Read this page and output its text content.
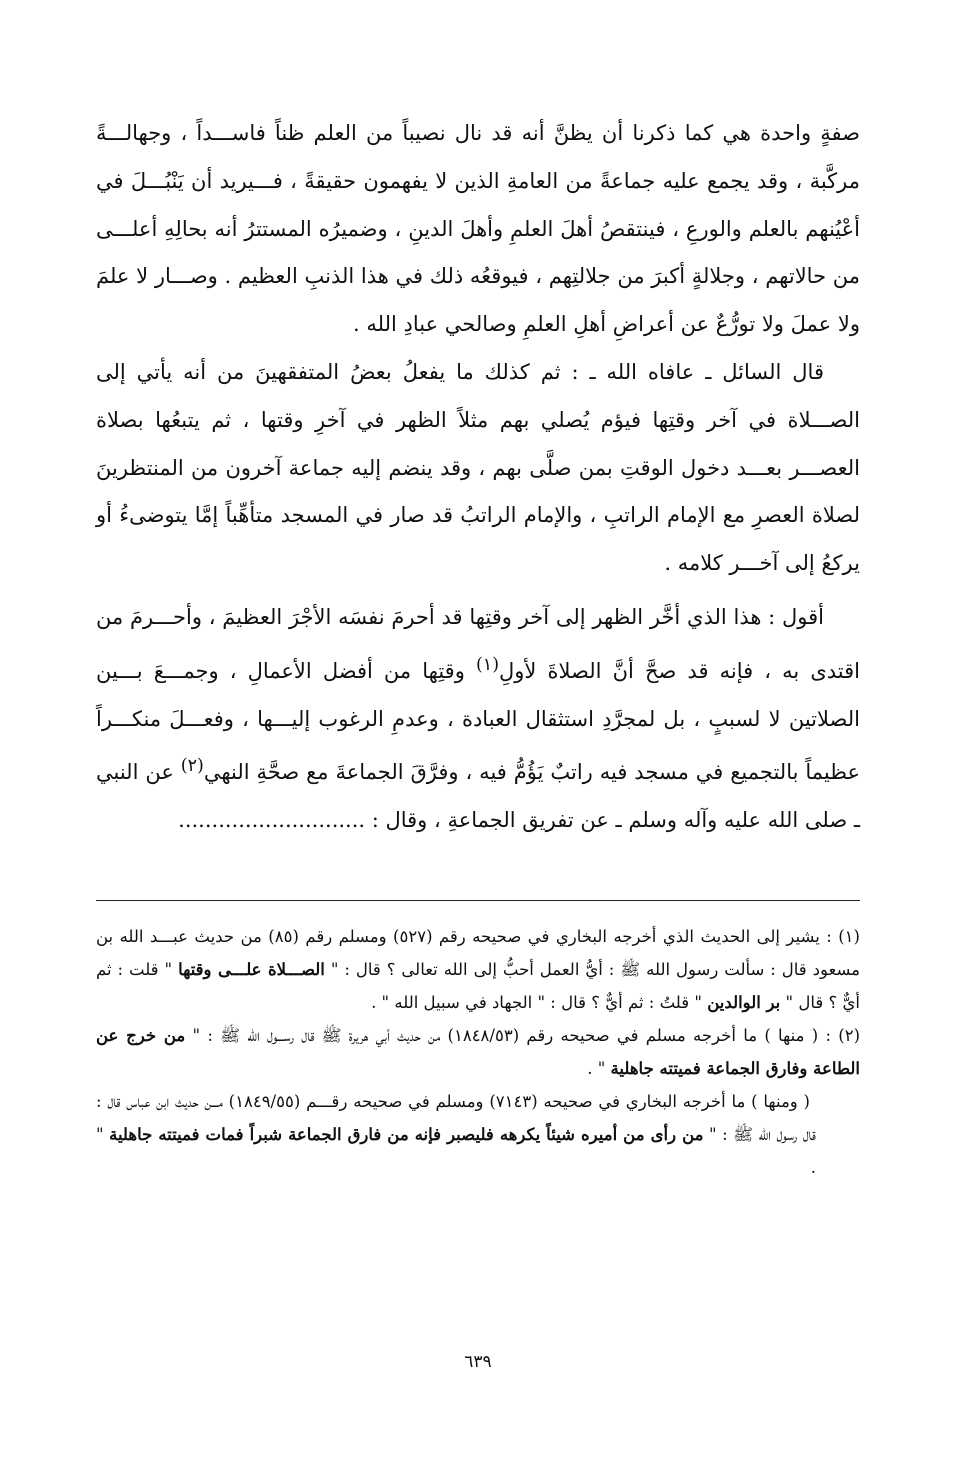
صفةٍ واحدة هي كما ذكرنا أن يظنَّ أنه قد نال نصيباً من العلم ظناً فاســـداً ، وجهالـــةً مركَّبة ، وقد يجمع عليه جماعةً من العامةِ الذين لا يفهمون حقيقةً ، فـــيريد أن يَنْبُـــلَ في أعْيُنهم بالعلم والورعِ ، فينتقصُ أهلَ العلمِ وأهلَ الدينِ ، وضميرُه المستترُ أنه بحالِهِ أعلـــى من حالاتهم ، وجلالةٍ أكبرَ من جلالتِهم ، فيوقعُه ذلك في هذا الذنبِ العظيم . وصـــار لا علمَ ولا عملَ ولا تورُّعٌ عن أعراضِ أهلِ العلمِ وصالحي عبادِ الله .

قال السائل ـ عافاه الله ـ : ثم كذلك ما يفعلُ بعضُ المتفقهينَ من أنه يأتي إلى الصـــلاة في آخر وقتِها فيؤم يُصلي بهم مثلاً الظهر في آخرِ وقتها ، ثم يتبعُها بصلاة العصـــر بعـــد دخول الوقتِ بمن صلَّى بهم ، وقد ينضم إليه جماعة آخرون من المنتظرينَ لصلاة العصرِ مع الإمام الراتبِ ، والإمام الراتبُ قد صار في المسجد متأهِّباً إمَّا يتوضىءُ أو يركعُ إلى آخـــر كلامه .

أقول : هذا الذي أخَّر الظهر إلى آخر وقتِها قد أحرمَ نفسَه الأجْرَ العظيمَ ، وأحـــرمَ من اقتدى به ، فإنه قد صحَّ أنَّ الصلاةَ لأولِ$^{(١)}$ وقتِها من أفضل الأعمالِ ، وجمـــعَ بـــين الصلاتين لا لسببٍ ، بل لمجرَّدِ استثقال العبادة ، وعدمِ الرغوب إليـــها ، وفعـــلَ منكـــراً عظيماً بالتجميع في مسجد فيه راتبٌ يَؤُمُّ فيه ، وفرَّقَ الجماعةَ مع صحَّةِ النهي$^{(٢)}$ عن النبي ـ صلى الله عليه وآله وسلم ـ عن تفريق الجماعةِ ، وقال : ............................

(١) : يشير إلى الحديث الذي أخرجه البخاري في صحيحه رقم (٥٢٧) ومسلم رقم (٨٥) من حديث عبـــد الله بن مسعود قال : سألت رسول الله ﷺ : أيُّ العمل أحبُّ إلى الله تعالى ؟ قال : " الصـــلاة علـــى وقتها " قلت : ثم أيٌّ ؟ قال " بر الوالدين " قلتُ : ثم أيٌّ ؟ قال : " الجهاد في سبيل الله " .

(٢) : ( منها ) ما أخرجه مسلم في صحيحه رقم (١٨٤٨/٥٣) من حديث أبي هريرة ﷺ قال رســـول الله ﷺ : " من خرج عن الطاعة وفارق الجماعة فميتته جاهلية " .

( ومنها ) ما أخرجه البخاري في صحيحه (٧١٤٣) ومسلم في صحيحه رقـــم (١٨٤٩/٥٥) مـــن حديث ابن عباس قال : قال رسول الله ﷺ : " من رأى من أميره شيئاً يكرهه فليصبر فإنه من فارق الجماعة شبراً فمات فميتته جاهلية " .

٦٣٩
